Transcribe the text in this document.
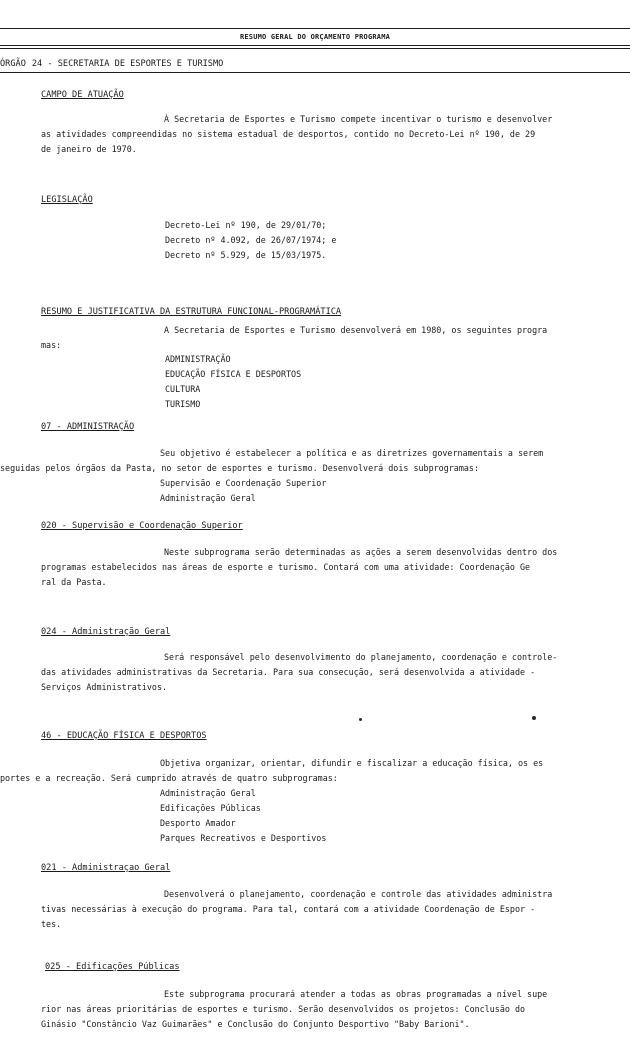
RESUMO GERAL DO ORÇAMENTO PROGRAMA
ÓRGÃO 24 - SECRETARIA DE ESPORTES E TURISMO
CAMPO DE ATUAÇÃO

À Secretaria de Esportes e Turismo compete incentivar o turismo e desenvolver

as atividades compreendidas no sistema estadual de desportos, contido no Decreto-Lei nº 190, de 29

de janeiro de 1970.

LEGISLAÇÃO
Decreto-Lei nº 190, de 29/01/70;
Decreto nº 4.092, de 26/07/1974; e
Decreto nº 5.929, de 15/03/1975.
RESUMO E JUSTIFICATIVA DA ESTRUTURA FUNCIONAL-PROGRAMÁTICA

A Secretaria de Esportes e Turismo desenvolverá em 1980, os seguintes progra

mas:

ADMINISTRAÇÃO
EDUCAÇÃO FÍSICA E DESPORTOS
CULTURA
TURISMO
07 - ADMINISTRAÇÃO

Seu objetivo é estabelecer a política e as diretrizes governamentais a serem

seguidas pelos órgãos da Pasta, no setor de esportes e turismo. Desenvolverá dois subprogramas:

Supervisão e Coordenação Superior
Administração Geral
020 - Supervisão e Coordenação Superior

Neste subprograma serão determinadas as ações a serem desenvolvidas dentro dos

programas estabelecidos nas áreas de esporte e turismo. Contará com uma atividade: Coordenação Ge

ral da Pasta.

024 - Administração Geral

Será responsável pelo desenvolvimento do planejamento, coordenação e controle-

das atividades administrativas da Secretaria. Para sua consecução, será desenvolvida a atividade -

Serviços Administrativos.

46 - EDUCAÇÃO FÍSICA E DESPORTOS

Objetiva organizar, orientar, difundir e fiscalizar a educação física, os es

portes e a recreação. Será cumprido através de quatro subprogramas:

Administração Geral
Edificações Públicas
Desporto Amador
Parques Recreativos e Desportivos
021 - Administraçao Geral

Desenvolverá o planejamento, coordenação e controle das atividades administra

tivas necessárias à execução do programa. Para tal, contará com a atividade Coordenação de Espor -

tes.

025 - Edificações Públicas

Este subprograma procurará atender a todas as obras programadas a nível supe

rior nas áreas prioritárias de esportes e turismo. Serão desenvolvidos os projetos: Conclusão do

Ginásio "Constâncio Vaz Guimarães" e Conclusão do Conjunto Desportivo "Baby Barioni".
